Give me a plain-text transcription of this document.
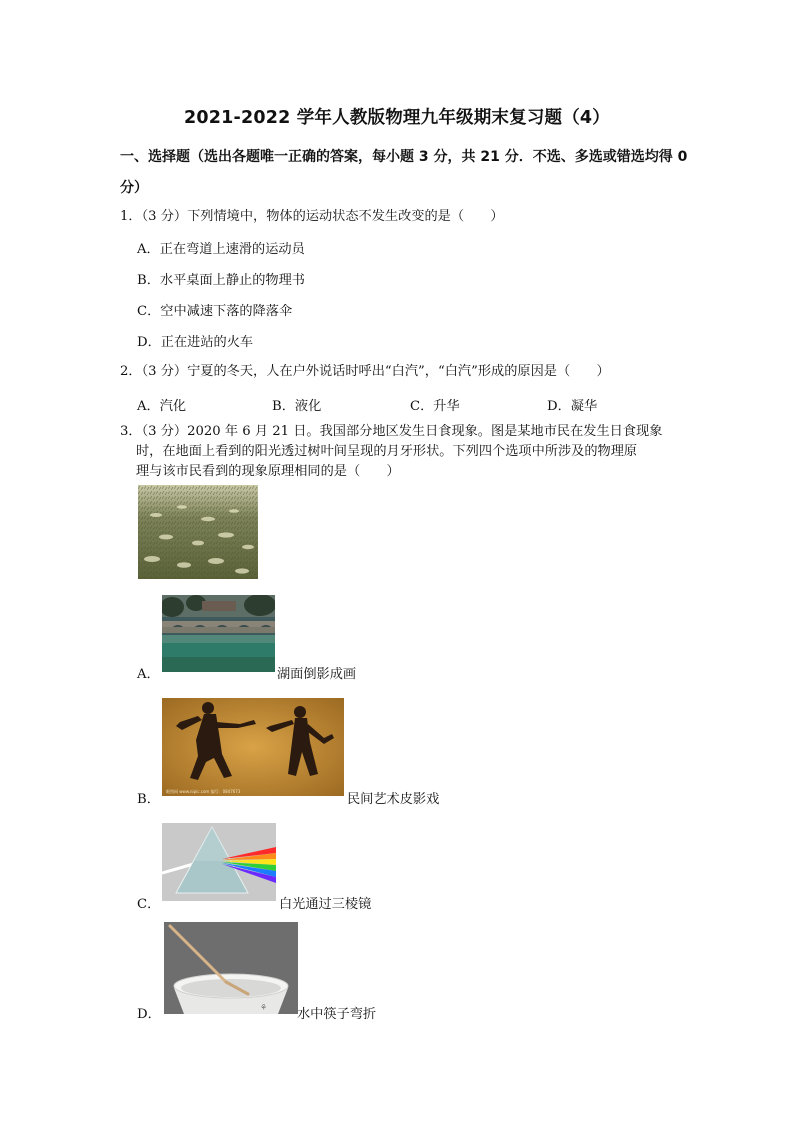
2021-2022 学年人教版物理九年级期末复习题（4）
一、选择题（选出各题唯一正确的答案，每小题 3 分，共 21 分．不选、多选或错选均得 0
分）
1．（3 分）下列情境中，物体的运动状态不发生改变的是（　　）
A．正在弯道上速滑的运动员
B．水平桌面上静止的物理书
C．空中减速下落的降落伞
D．正在进站的火车
2．（3 分）宁夏的冬天，人在户外说话时呼出“白汽”，“白汽”形成的原因是（　　）
A．汽化	B．液化	C．升华	D．凝华
3．（3 分）2020 年 6 月 21 日。我国部分地区发生日食现象。图是某地市民在发生日食现象
时，在地面上看到的阳光透过树叶间呈现的月牙形状。下列四个选项中所涉及的物理原
理与该市民看到的现象原理相同的是（　　）
A．	湖面倒影成画
B．
昵图网 www.nipic.com 编号：0847673
民间艺术皮影戏
C．	白光通过三棱镜
D．	⚘ 水中筷子弯折
